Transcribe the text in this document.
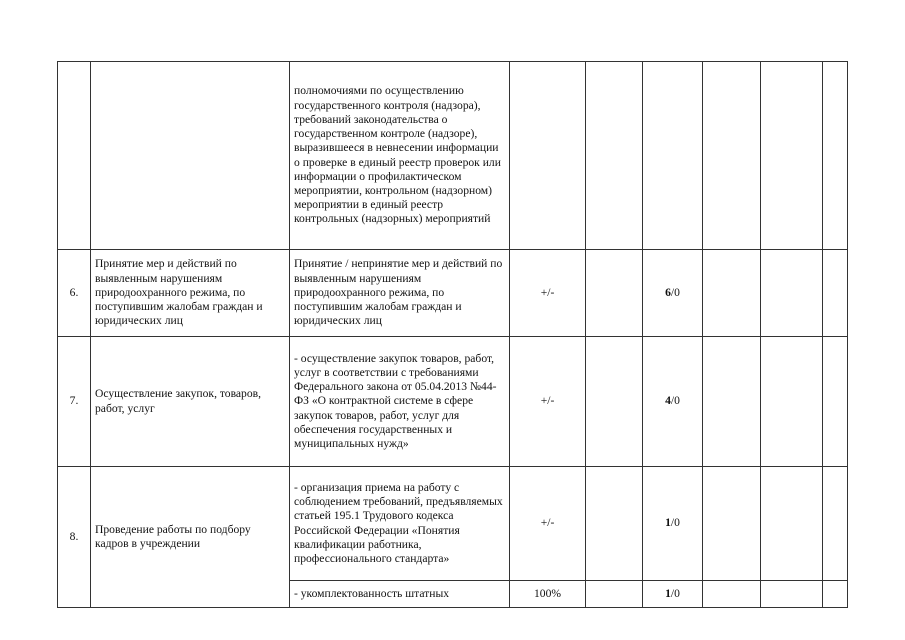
		полномочиями по осуществлению государственного контроля (надзора), требований законодательства о государственном контроле (надзоре), выразившееся в невнесении информации о проверке в единый реестр проверок или информации о профилактическом мероприятии, контрольном (надзорном) мероприятии в единый реестр контрольных (надзорных) мероприятий						
6.	Принятие мер и действий по выявленным нарушениям природоохранного режима, по поступившим жалобам граждан и юридических лиц	Принятие / непринятие мер и действий по выявленным нарушениям природоохранного режима, по поступившим жалобам граждан и юридических лиц	+/-		6/0			
7.	Осуществление закупок, товаров, работ, услуг	- осуществление закупок товаров, работ, услуг в соответствии с требованиями Федерального закона от 05.04.2013 №44-ФЗ «О контрактной системе в сфере закупок товаров, работ, услуг для обеспечения государственных и муниципальных нужд»	+/-		4/0			
8.	Проведение работы по подбору кадров в учреждении	- организация приема на работу с соблюдением требований, предъявляемых статьей 195.1 Трудового кодекса Российской Федерации «Понятия квалификации работника, профессионального стандарта»	+/-		1/0			
		- укомплектованность штатных	100%		1/0			
